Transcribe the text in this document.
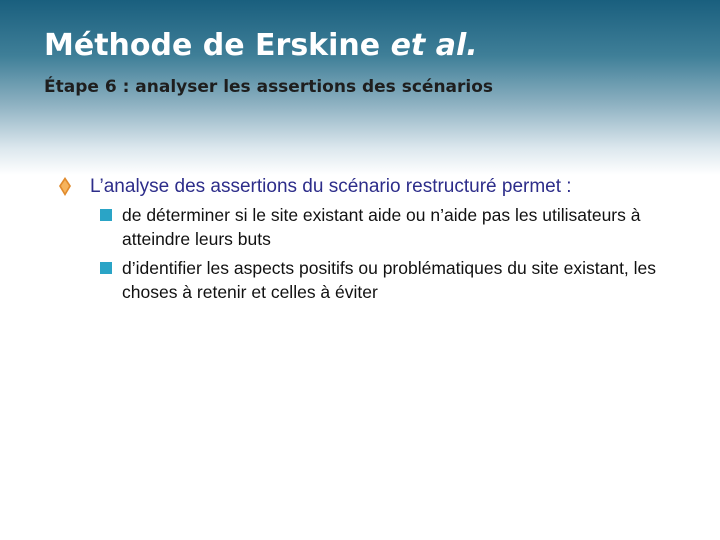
Méthode de Erskine et al.
Étape 6 : analyser les assertions des scénarios
L’analyse des assertions du scénario restructuré permet :
de déterminer si le site existant aide ou n’aide pas les utilisateurs à atteindre leurs buts
d’identifier les aspects positifs ou problématiques du site existant, les choses à retenir et celles à éviter
